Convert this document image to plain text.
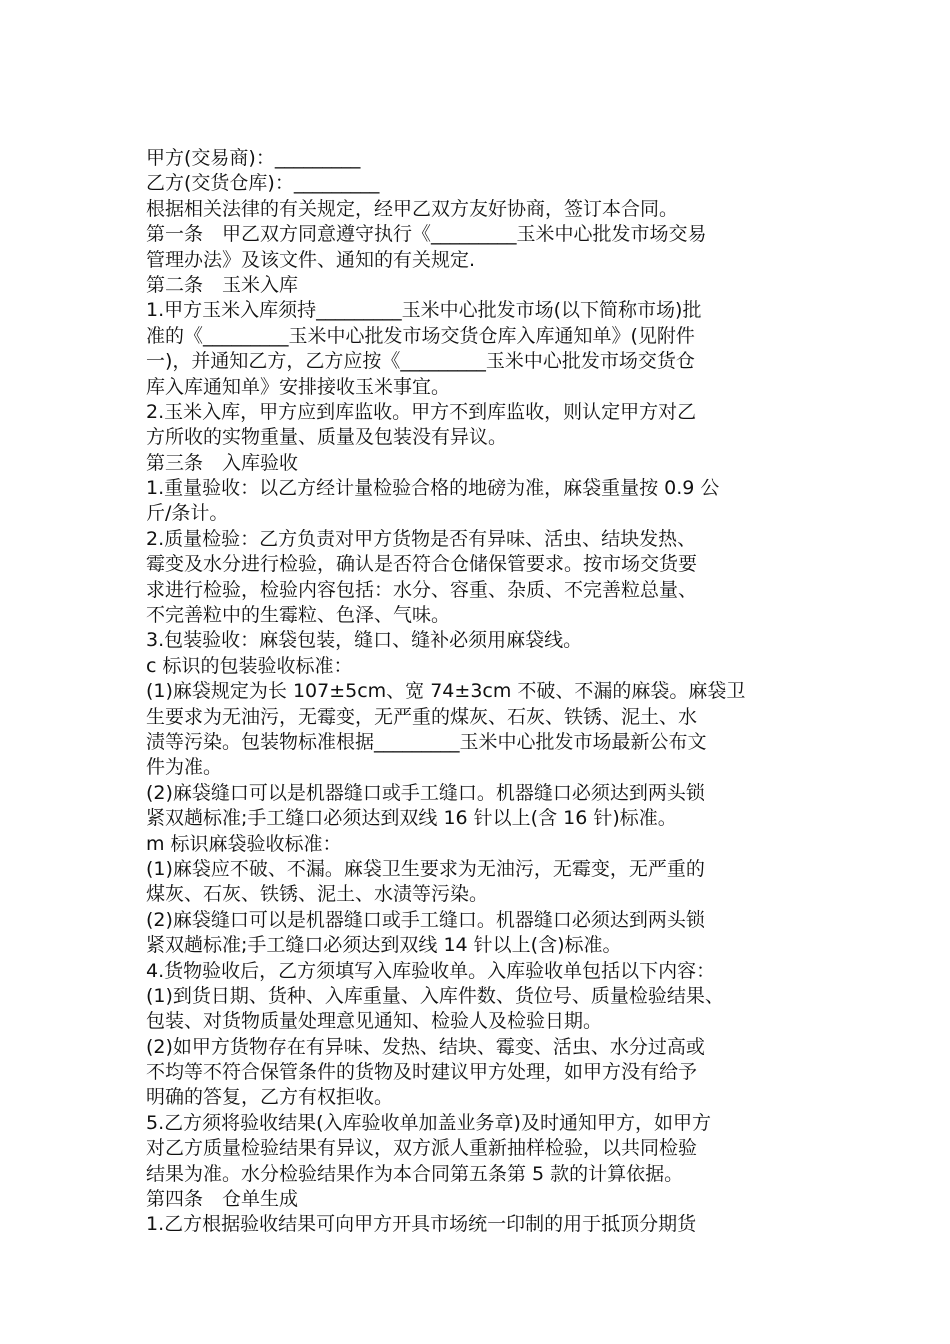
甲方(交易商)：_________
乙方(交货仓库)：_________
根据相关法律的有关规定，经甲乙双方友好协商，签订本合同。
第一条　甲乙双方同意遵守执行《_________玉米中心批发市场交易
管理办法》及该文件、通知的有关规定.
第二条　玉米入库
1.甲方玉米入库须持_________玉米中心批发市场(以下简称市场)批
准的《_________玉米中心批发市场交货仓库入库通知单》(见附件
一)，并通知乙方，乙方应按《_________玉米中心批发市场交货仓
库入库通知单》安排接收玉米事宜。
2.玉米入库，甲方应到库监收。甲方不到库监收，则认定甲方对乙
方所收的实物重量、质量及包装没有异议。
第三条　入库验收
1.重量验收：以乙方经计量检验合格的地磅为准，麻袋重量按 0.9 公
斤/条计。
2.质量检验：乙方负责对甲方货物是否有异味、活虫、结块发热、
霉变及水分进行检验，确认是否符合仓储保管要求。按市场交货要
求进行检验，检验内容包括：水分、容重、杂质、不完善粒总量、
不完善粒中的生霉粒、色泽、气味。
3.包装验收：麻袋包装，缝口、缝补必须用麻袋线。
c 标识的包装验收标准：
(1)麻袋规定为长 107±5cm、宽 74±3cm 不破、不漏的麻袋。麻袋卫
生要求为无油污，无霉变，无严重的煤灰、石灰、铁锈、泥土、水
渍等污染。包装物标准根据_________玉米中心批发市场最新公布文
件为准。
(2)麻袋缝口可以是机器缝口或手工缝口。机器缝口必须达到两头锁
紧双趟标准;手工缝口必须达到双线 16 针以上(含 16 针)标准。
m 标识麻袋验收标准：
(1)麻袋应不破、不漏。麻袋卫生要求为无油污，无霉变，无严重的
煤灰、石灰、铁锈、泥土、水渍等污染。
(2)麻袋缝口可以是机器缝口或手工缝口。机器缝口必须达到两头锁
紧双趟标准;手工缝口必须达到双线 14 针以上(含)标准。
4.货物验收后，乙方须填写入库验收单。入库验收单包括以下内容：
(1)到货日期、货种、入库重量、入库件数、货位号、质量检验结果、
包装、对货物质量处理意见通知、检验人及检验日期。
(2)如甲方货物存在有异味、发热、结块、霉变、活虫、水分过高或
不均等不符合保管条件的货物及时建议甲方处理，如甲方没有给予
明确的答复，乙方有权拒收。
5.乙方须将验收结果(入库验收单加盖业务章)及时通知甲方，如甲方
对乙方质量检验结果有异议，双方派人重新抽样检验，以共同检验
结果为准。水分检验结果作为本合同第五条第 5 款的计算依据。
第四条　仓单生成
1.乙方根据验收结果可向甲方开具市场统一印制的用于抵顶分期货
